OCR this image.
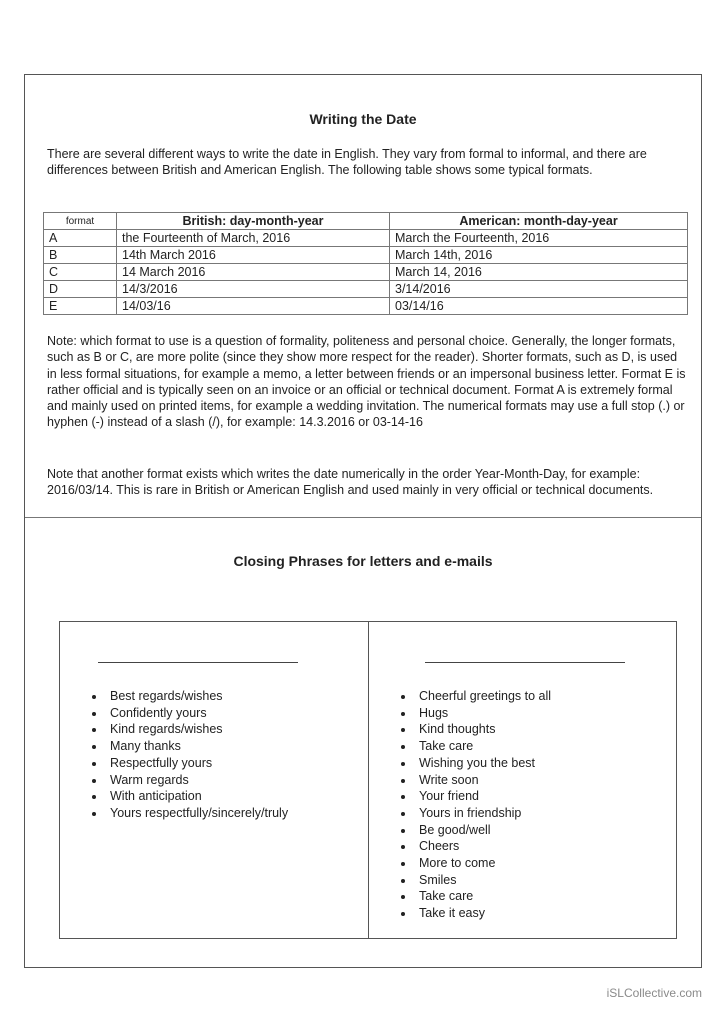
Writing the Date

There are several different ways to write the date in English. They vary from formal to informal, and there are differences between British and American English. The following table shows some typical formats.

format	British: day-month-year	American: month-day-year
A	the Fourteenth of March, 2016	March the Fourteenth, 2016
B	14th March 2016	March 14th, 2016
C	14 March 2016	March 14, 2016
D	14/3/2016	3/14/2016
E	14/03/16	03/14/16

Note: which format to use is a question of formality, politeness and personal choice. Generally, the longer formats, such as B or C, are more polite (since they show more respect for the reader). Shorter formats, such as D, is used in less formal situations, for example a memo, a letter between friends or an impersonal business letter. Format E is rather official and is typically seen on an invoice or an official or technical document. Format A is extremely formal and mainly used on printed items, for example a wedding invitation. The numerical formats may use a full stop (.) or hyphen (-) instead of a slash (/), for example: 14.3.2016 or 03-14-16

Note that another format exists which writes the date numerically in the order Year-Month-Day, for example: 2016/03/14. This is rare in British or American English and used mainly in very official or technical documents.

Closing Phrases for letters and e-mails
Best regards/wishes
Confidently yours
Kind regards/wishes
Many thanks
Respectfully yours
Warm regards
With anticipation
Yours respectfully/sincerely/truly
Cheerful greetings to all
Hugs
Kind thoughts
Take care
Wishing you the best
Write soon
Your friend
Yours in friendship
Be good/well
Cheers
More to come
Smiles
Take care
Take it easy
iSLCollective.com
